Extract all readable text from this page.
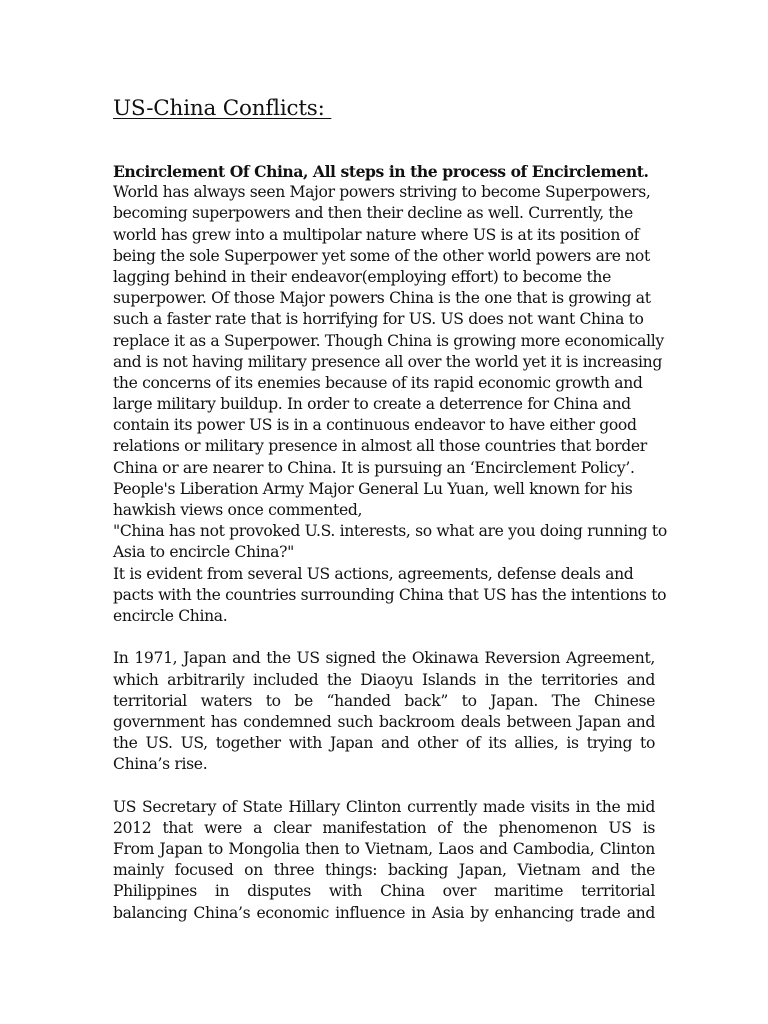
US-China Conflicts:
Encirclement Of China, All steps in the process of Encirclement.
World has always seen Major powers striving to become Superpowers,
becoming superpowers and then their decline as well. Currently, the
world has grew into a multipolar nature where US is at its position of
being the sole Superpower yet some of the other world powers are not
lagging behind in their endeavor(employing effort) to become the
superpower. Of those Major powers China is the one that is growing at
such a faster rate that is horrifying for US. US does not want China to
replace it as a Superpower. Though China is growing more economically
and is not having military presence all over the world yet it is increasing
the concerns of its enemies because of its rapid economic growth and
large military buildup. In order to create a deterrence for China and
contain its power US is in a continuous endeavor to have either good
relations or military presence in almost all those countries that border
China or are nearer to China. It is pursuing an ‘Encirclement Policy’.
People's Liberation Army Major General Lu Yuan, well known for his
hawkish views once commented,
"China has not provoked U.S. interests, so what are you doing running to
Asia to encircle China?"
It is evident from several US actions, agreements, defense deals and
pacts with the countries surrounding China that US has the intentions to
encircle China.
In 1971, Japan and the US signed the Okinawa Reversion Agreement,
which arbitrarily included the Diaoyu Islands in the territories and
territorial waters to be “handed back” to Japan. The Chinese
government has condemned such backroom deals between Japan and
the US. US, together with Japan and other of its allies, is trying to
China’s rise.
US Secretary of State Hillary Clinton currently made visits in the mid
2012 that were a clear manifestation of the phenomenon US is
From Japan to Mongolia then to Vietnam, Laos and Cambodia, Clinton
mainly focused on three things: backing Japan, Vietnam and the
Philippines in disputes with China over maritime territorial
balancing China’s economic influence in Asia by enhancing trade and
